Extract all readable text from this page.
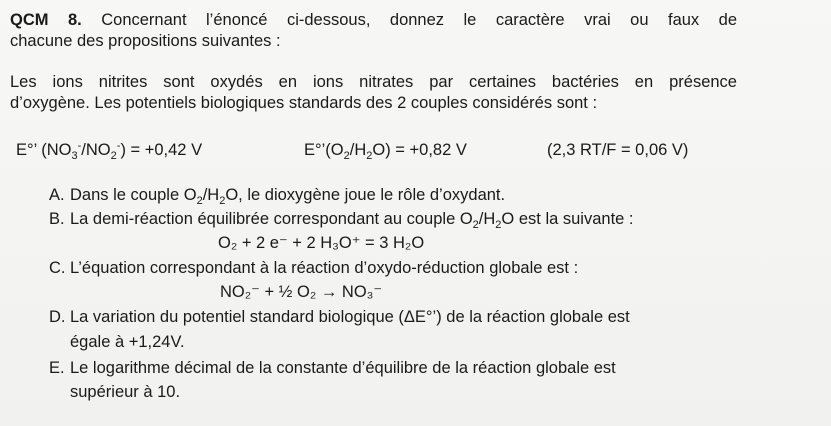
QCM 8. Concernant l’énoncé ci-dessous, donnez le caractère vrai ou faux de
chacune des propositions suivantes :
Les ions nitrites sont oxydés en ions nitrates par certaines bactéries en présence
d’oxygène. Les potentiels biologiques standards des 2 couples considérés sont :
E°’ $(NO_3^-/NO_2^-) = +0,42$ V	$E^\circ’(O_2/H_2O) = +0,82$ V	(2,3 RT/F = 0,06 V)
A. Dans le couple $O_2/H_2O$, le dioxygène joue le rôle d’oxydant.
B. La demi-réaction équilibrée correspondant au couple $O_2/H_2O$ est la suivante :
O₂ + 2 e⁻ + 2 H₃O⁺ = 3 H₂O
C. L’équation correspondant à la réaction d’oxydo-réduction globale est :
NO₂⁻ + ½ O₂ → NO₃⁻
D. La variation du potentiel standard biologique (ΔE°’) de la réaction globale est
égale à +1,24V.
E. Le logarithme décimal de la constante d’équilibre de la réaction globale est
supérieur à 10.
